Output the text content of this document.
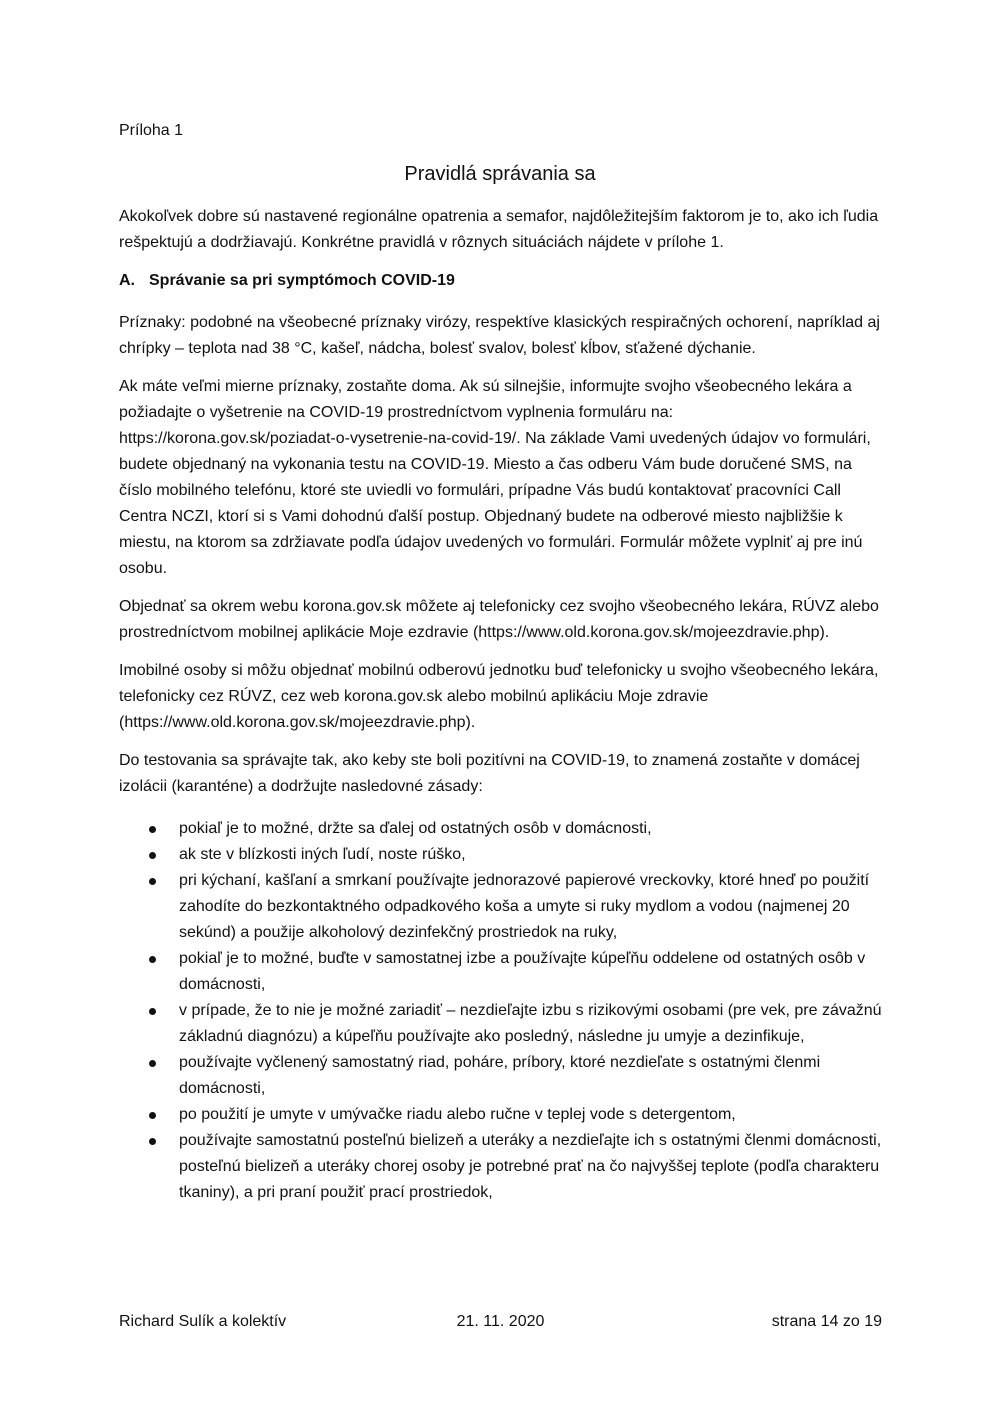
Príloha 1
Pravidlá správania sa

Akokoľvek dobre sú nastavené regionálne opatrenia a semafor, najdôležitejším faktorom je to, ako ich ľudia rešpektujú a dodržiavajú. Konkrétne pravidlá v rôznych situáciách nájdete v prílohe 1.

A. Správanie sa pri symptómoch COVID-19

Príznaky: podobné na všeobecné príznaky virózy, respektíve klasických respiračných ochorení, napríklad aj chrípky – teplota nad 38 °C, kašeľ, nádcha, bolesť svalov, bolesť kĺbov, sťažené dýchanie.

Ak máte veľmi mierne príznaky, zostaňte doma. Ak sú silnejšie, informujte svojho všeobecného lekára a požiadajte o vyšetrenie na COVID-19 prostredníctvom vyplnenia formuláru na: https://korona.gov.sk/poziadat-o-vysetrenie-na-covid-19/. Na základe Vami uvedených údajov vo formulári, budete objednaný na vykonania testu na COVID-19. Miesto a čas odberu Vám bude doručené SMS, na číslo mobilného telefónu, ktoré ste uviedli vo formulári, prípadne Vás budú kontaktovať pracovníci Call Centra NCZI, ktorí si s Vami dohodnú ďalší postup. Objednaný budete na odberové miesto najbližšie k miestu, na ktorom sa zdržiavate podľa údajov uvedených vo formulári. Formulár môžete vyplniť aj pre inú osobu.

Objednať sa okrem webu korona.gov.sk môžete aj telefonicky cez svojho všeobecného lekára, RÚVZ alebo prostredníctvom mobilnej aplikácie Moje ezdravie (https://www.old.korona.gov.sk/mojeezdravie.php).

Imobilné osoby si môžu objednať mobilnú odberovú jednotku buď telefonicky u svojho všeobecného lekára, telefonicky cez RÚVZ, cez web korona.gov.sk alebo mobilnú aplikáciu Moje zdravie (https://www.old.korona.gov.sk/mojeezdravie.php).

Do testovania sa správajte tak, ako keby ste boli pozitívni na COVID-19, to znamená zostaňte v domácej izolácii (karanténe) a dodržujte nasledovné zásady:

pokiaľ je to možné, držte sa ďalej od ostatných osôb v domácnosti,
ak ste v blízkosti iných ľudí, noste rúško,
pri kýchaní, kašľaní a smrkaní používajte jednorazové papierové vreckovky, ktoré hneď po použití zahodíte do bezkontaktného odpadkového koša a umyte si ruky mydlom a vodou (najmenej 20 sekúnd) a použije alkoholový dezinfekčný prostriedok na ruky,
pokiaľ je to možné, buďte v samostatnej izbe a používajte kúpeľňu oddelene od ostatných osôb v domácnosti,
v prípade, že to nie je možné zariadiť – nezdieľajte izbu s rizikovými osobami (pre vek, pre závažnú základnú diagnózu) a kúpeľňu používajte ako posledný, následne ju umyje a dezinfikuje,
používajte vyčlenený samostatný riad, poháre, príbory, ktoré nezdieľate s ostatnými členmi domácnosti,
po použití je umyte v umývačke riadu alebo ručne v teplej vode s detergentom,
používajte samostatnú posteľnú bielizeň a uteráky a nezdieľajte ich s ostatnými členmi domácnosti, posteľnú bielizeň a uteráky chorej osoby je potrebné prať na čo najvyššej teplote (podľa charakteru tkaniny), a pri praní použiť prací prostriedok,
Richard Sulík a kolektív	21. 11. 2020	strana 14 zo 19
